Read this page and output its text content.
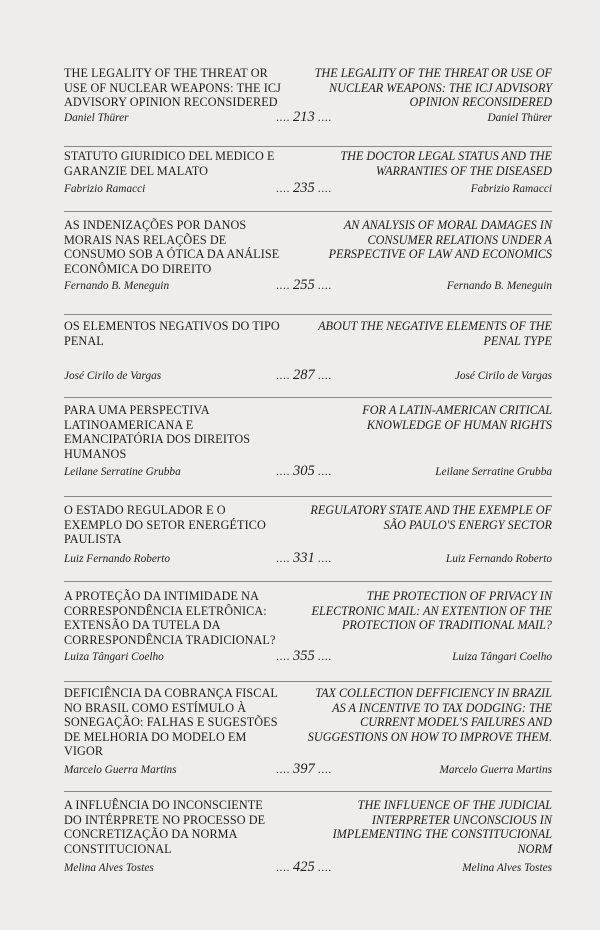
THE LEGALITY OF THE THREAT OR USE OF NUCLEAR WEAPONS: THE ICJ ADVISORY OPINION RECONSIDERED
THE LEGALITY OF THE THREAT OR USE OF NUCLEAR WEAPONS: THE ICJ ADVISORY OPINION RECONSIDERED
Daniel Thürer	.... 213 ....	Daniel Thürer
STATUTO GIURIDICO DEL MEDICO E GARANZIE DEL MALATO
THE DOCTOR LEGAL STATUS AND THE WARRANTIES OF THE DISEASED
Fabrizio Ramacci	.... 235 ....	Fabrizio Ramacci
AS INDENIZAÇÕES POR DANOS MORAIS NAS RELAÇÕES DE CONSUMO SOB A ÓTICA DA ANÁLISE ECONÔMICA DO DIREITO
AN ANALYSIS OF MORAL DAMAGES IN CONSUMER RELATIONS UNDER A PERSPECTIVE OF LAW AND ECONOMICS
Fernando B. Meneguin	.... 255 ....	Fernando B. Meneguin
OS ELEMENTOS NEGATIVOS DO TIPO PENAL
ABOUT THE NEGATIVE ELEMENTS OF THE PENAL TYPE
José Cirilo de Vargas	.... 287 ....	José Cirilo de Vargas
PARA UMA PERSPECTIVA LATINOAMERICANA E EMANCIPATÓRIA DOS DIREITOS HUMANOS
FOR A LATIN-AMERICAN CRITICAL KNOWLEDGE OF HUMAN RIGHTS
Leilane Serratine Grubba	.... 305 ....	Leilane Serratine Grubba
O ESTADO REGULADOR E O EXEMPLO DO SETOR ENERGÉTICO PAULISTA
REGULATORY STATE AND THE EXEMPLE OF SÃO PAULO'S ENERGY SECTOR
Luiz Fernando Roberto	.... 331 ....	Luiz Fernando Roberto
A PROTEÇÃO DA INTIMIDADE NA CORRESPONDÊNCIA ELETRÔNICA: EXTENSÃO DA TUTELA DA CORRESPONDÊNCIA TRADICIONAL?
THE PROTECTION OF PRIVACY IN ELECTRONIC MAIL: AN EXTENTION OF THE PROTECTION OF TRADITIONAL MAIL?
Luiza Tângari Coelho	.... 355 ....	Luiza Tângari Coelho
DEFICIÊNCIA DA COBRANÇA FISCAL NO BRASIL COMO ESTÍMULO À SONEGAÇÃO: FALHAS E SUGESTÕES DE MELHORIA DO MODELO EM VIGOR
TAX COLLECTION DEFFICIENCY IN BRAZIL AS A INCENTIVE TO TAX DODGING: THE CURRENT MODEL'S FAILURES AND SUGGESTIONS ON HOW TO IMPROVE THEM.
Marcelo Guerra Martins	.... 397 ....	Marcelo Guerra Martins
A INFLUÊNCIA DO INCONSCIENTE DO INTÉRPRETE NO PROCESSO DE CONCRETIZAÇÃO DA NORMA CONSTITUCIONAL
THE INFLUENCE OF THE JUDICIAL INTERPRETER UNCONSCIOUS IN IMPLEMENTING THE CONSTITUCIONAL NORM
Melina Alves Tostes	.... 425 ....	Melina Alves Tostes
